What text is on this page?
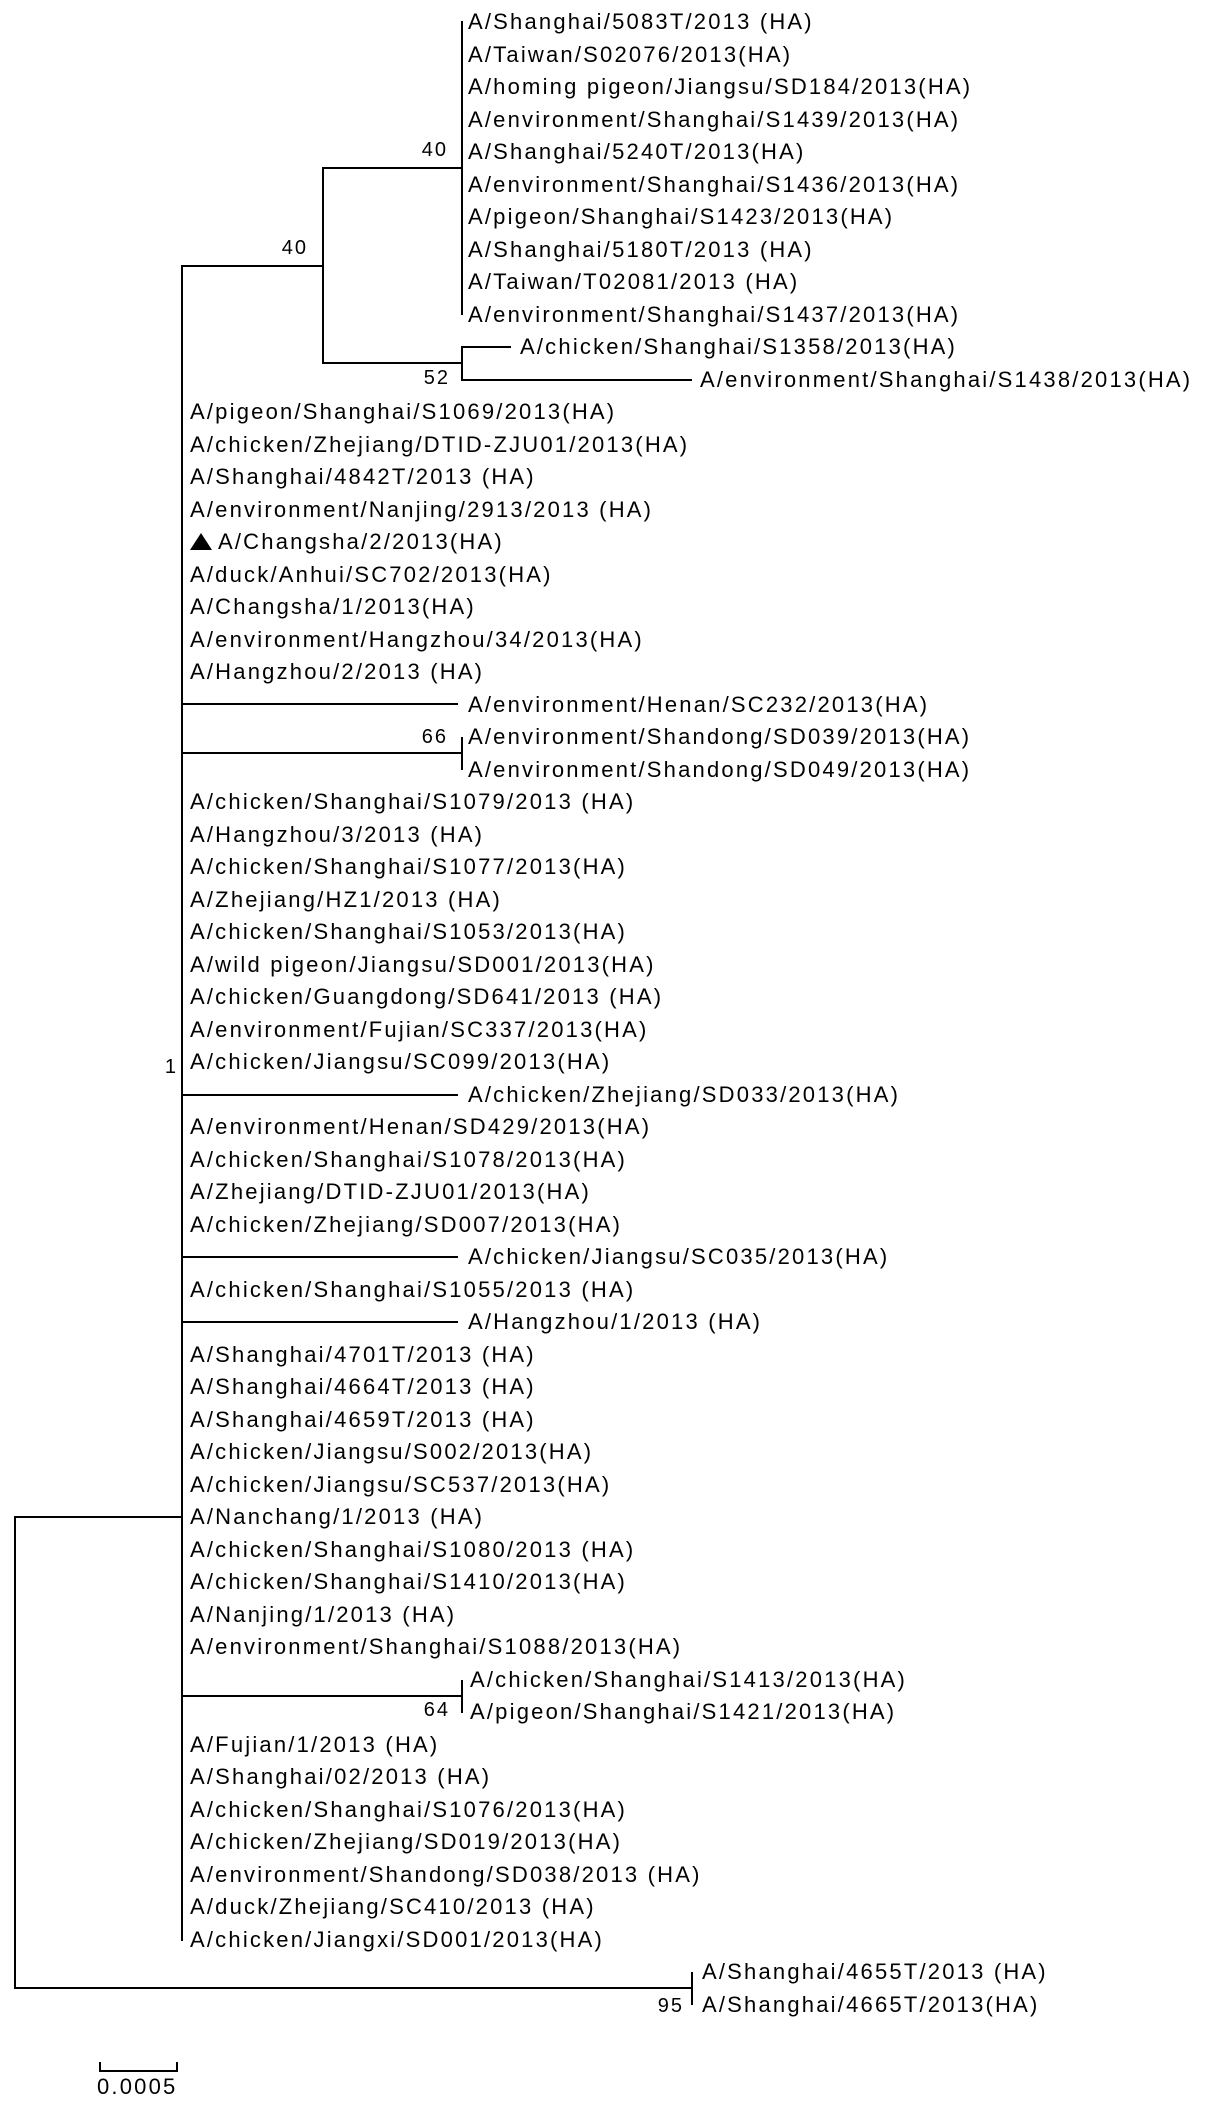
A/Shanghai/5083T/2013 (HA)
A/Taiwan/S02076/2013(HA)
A/homing pigeon/Jiangsu/SD184/2013(HA)
A/environment/Shanghai/S1439/2013(HA)
A/Shanghai/5240T/2013(HA)
A/environment/Shanghai/S1436/2013(HA)
A/pigeon/Shanghai/S1423/2013(HA)
A/Shanghai/5180T/2013 (HA)
A/Taiwan/T02081/2013 (HA)
A/environment/Shanghai/S1437/2013(HA)
A/chicken/Shanghai/S1358/2013(HA)
A/environment/Shanghai/S1438/2013(HA)
A/pigeon/Shanghai/S1069/2013(HA)
A/chicken/Zhejiang/DTID-ZJU01/2013(HA)
A/Shanghai/4842T/2013 (HA)
A/environment/Nanjing/2913/2013 (HA)
A/Changsha/2/2013(HA)
A/duck/Anhui/SC702/2013(HA)
A/Changsha/1/2013(HA)
A/environment/Hangzhou/34/2013(HA)
A/Hangzhou/2/2013 (HA)
A/environment/Henan/SC232/2013(HA)
A/environment/Shandong/SD039/2013(HA)
A/environment/Shandong/SD049/2013(HA)
A/chicken/Shanghai/S1079/2013 (HA)
A/Hangzhou/3/2013 (HA)
A/chicken/Shanghai/S1077/2013(HA)
A/Zhejiang/HZ1/2013 (HA)
A/chicken/Shanghai/S1053/2013(HA)
A/wild pigeon/Jiangsu/SD001/2013(HA)
A/chicken/Guangdong/SD641/2013 (HA)
A/environment/Fujian/SC337/2013(HA)
A/chicken/Jiangsu/SC099/2013(HA)
A/chicken/Zhejiang/SD033/2013(HA)
A/environment/Henan/SD429/2013(HA)
A/chicken/Shanghai/S1078/2013(HA)
A/Zhejiang/DTID-ZJU01/2013(HA)
A/chicken/Zhejiang/SD007/2013(HA)
A/chicken/Jiangsu/SC035/2013(HA)
A/chicken/Shanghai/S1055/2013 (HA)
A/Hangzhou/1/2013 (HA)
A/Shanghai/4701T/2013 (HA)
A/Shanghai/4664T/2013 (HA)
A/Shanghai/4659T/2013 (HA)
A/chicken/Jiangsu/S002/2013(HA)
A/chicken/Jiangsu/SC537/2013(HA)
A/Nanchang/1/2013 (HA)
A/chicken/Shanghai/S1080/2013 (HA)
A/chicken/Shanghai/S1410/2013(HA)
A/Nanjing/1/2013 (HA)
A/environment/Shanghai/S1088/2013(HA)
A/chicken/Shanghai/S1413/2013(HA)
A/pigeon/Shanghai/S1421/2013(HA)
A/Fujian/1/2013 (HA)
A/Shanghai/02/2013 (HA)
A/chicken/Shanghai/S1076/2013(HA)
A/chicken/Zhejiang/SD019/2013(HA)
A/environment/Shandong/SD038/2013 (HA)
A/duck/Zhejiang/SC410/2013 (HA)
A/chicken/Jiangxi/SD001/2013(HA)
A/Shanghai/4655T/2013 (HA)
A/Shanghai/4665T/2013(HA)
40
40
52
66
1
64
95
0.0005
